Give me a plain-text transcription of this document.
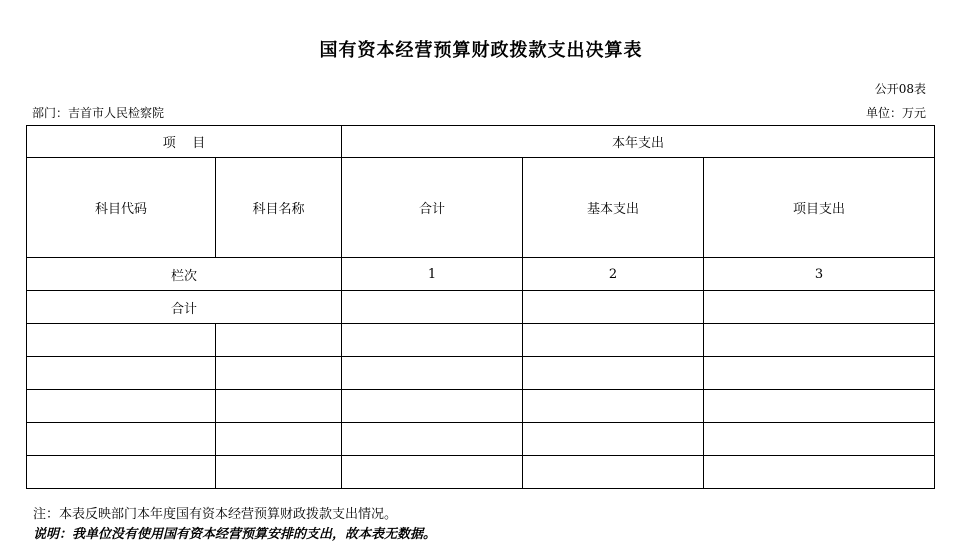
国有资本经营预算财政拨款支出决算表
公开08表
部门：吉首市人民检察院	单位：万元
项    目		本年支出		
科目代码	科目名称	合计	基本支出	项目支出
栏次		1	2	3
合计				

注：本表反映部门本年度国有资本经营预算财政拨款支出情况。
说明：我单位没有使用国有资本经营预算安排的支出，故本表无数据。
